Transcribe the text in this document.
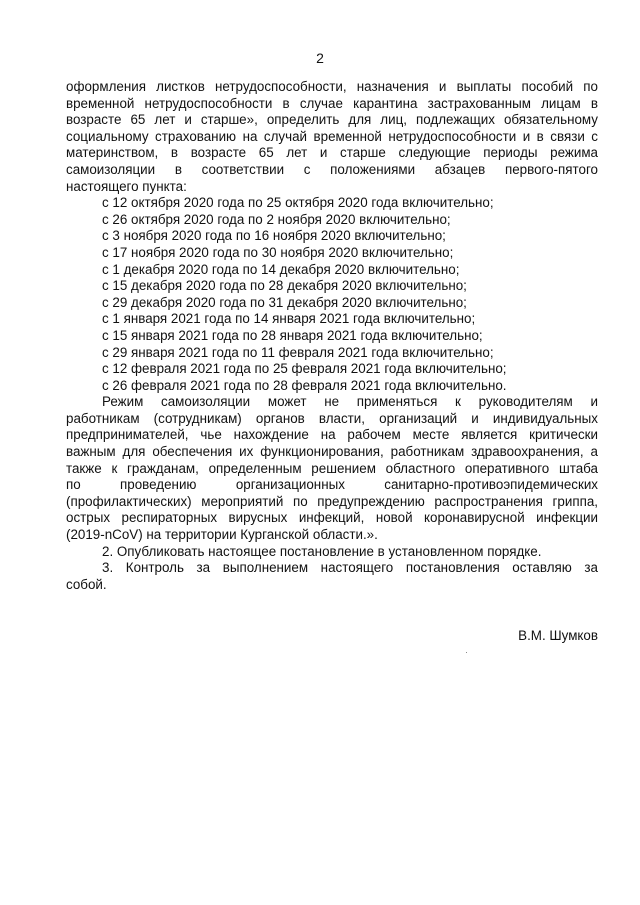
2
оформления листков нетрудоспособности, назначения и выплаты пособий по
временной нетрудоспособности в случае карантина застрахованным лицам в
возрасте 65 лет и старше», определить для лиц, подлежащих обязательному
социальному страхованию на случай временной нетрудоспособности и в связи с
материнством, в возрасте 65 лет и старше следующие периоды режима
самоизоляции в соответствии с положениями абзацев первого-пятого
настоящего пункта:
с 12 октября 2020 года по 25 октября 2020 года включительно;
с 26 октября 2020 года по 2 ноября 2020 включительно;
с 3 ноября 2020 года по 16 ноября 2020 включительно;
с 17 ноября 2020 года по 30 ноября 2020 включительно;
с 1 декабря 2020 года по 14 декабря 2020 включительно;
с 15 декабря 2020 года по 28 декабря 2020 включительно;
с 29 декабря 2020 года по 31 декабря 2020 включительно;
с 1 января 2021 года по 14 января 2021 года включительно;
с 15 января 2021 года по 28 января 2021 года включительно;
с 29 января 2021 года по 11 февраля 2021 года включительно;
с 12 февраля 2021 года по 25 февраля 2021 года включительно;
с 26 февраля 2021 года по 28 февраля 2021 года включительно.
Режим самоизоляции может не применяться к руководителям и
работникам (сотрудникам) органов власти, организаций и индивидуальных
предпринимателей, чье нахождение на рабочем месте является критически
важным для обеспечения их функционирования, работникам здравоохранения, а
также к гражданам, определенным решением областного оперативного штаба
по проведению организационных санитарно-противоэпидемических
(профилактических) мероприятий по предупреждению распространения гриппа,
острых респираторных вирусных инфекций, новой коронавирусной инфекции
(2019-nCoV) на территории Курганской области.».
2. Опубликовать настоящее постановление в установленном порядке.
3. Контроль за выполнением настоящего постановления оставляю за
собой.
В.М. Шумков
